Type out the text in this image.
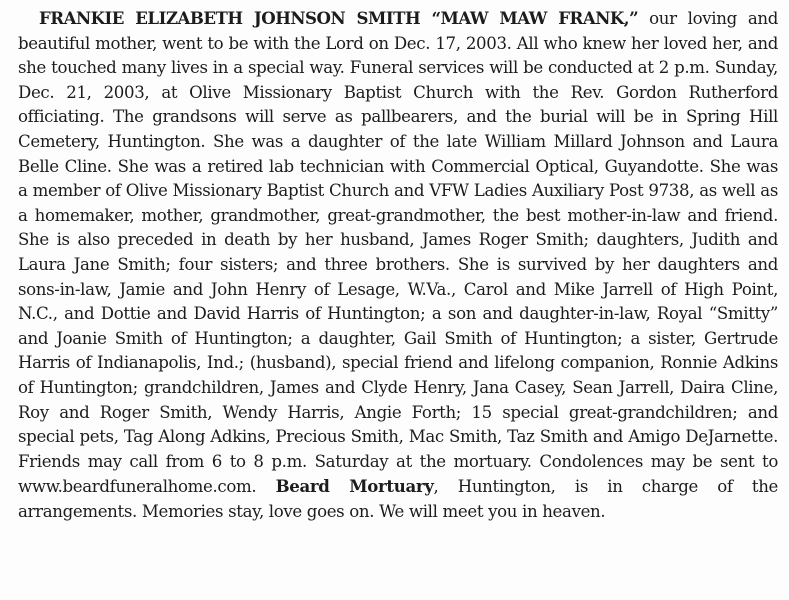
FRANKIE ELIZABETH JOHNSON SMITH “MAW MAW FRANK,” our loving and beautiful mother, went to be with the Lord on Dec. 17, 2003. All who knew her loved her, and she touched many lives in a special way. Funeral services will be conducted at 2 p.m. Sunday, Dec. 21, 2003, at Olive Missionary Baptist Church with the Rev. Gordon Rutherford officiating. The grandsons will serve as pallbearers, and the burial will be in Spring Hill Cemetery, Huntington. She was a daughter of the late William Millard Johnson and Laura Belle Cline. She was a retired lab technician with Commercial Optical, Guyandotte. She was a member of Olive Missionary Baptist Church and VFW Ladies Auxiliary Post 9738, as well as a homemaker, mother, grandmother, great-grandmother, the best mother-in-law and friend. She is also preceded in death by her husband, James Roger Smith; daughters, Judith and Laura Jane Smith; four sisters; and three brothers. She is survived by her daughters and sons-in-law, Jamie and John Henry of Lesage, W.Va., Carol and Mike Jarrell of High Point, N.C., and Dottie and David Harris of Huntington; a son and daughter-in-law, Royal “Smitty” and Joanie Smith of Huntington; a daughter, Gail Smith of Huntington; a sister, Gertrude Harris of Indianapolis, Ind.; (husband), special friend and lifelong companion, Ronnie Adkins of Huntington; grandchildren, James and Clyde Henry, Jana Casey, Sean Jarrell, Daira Cline, Roy and Roger Smith, Wendy Harris, Angie Forth; 15 special great-grandchildren; and special pets, Tag Along Adkins, Precious Smith, Mac Smith, Taz Smith and Amigo DeJarnette. Friends may call from 6 to 8 p.m. Saturday at the mortuary. Condolences may be sent to www.beardfuneralhome.com. Beard Mortuary, Huntington, is in charge of the arrangements. Memories stay, love goes on. We will meet you in heaven.
